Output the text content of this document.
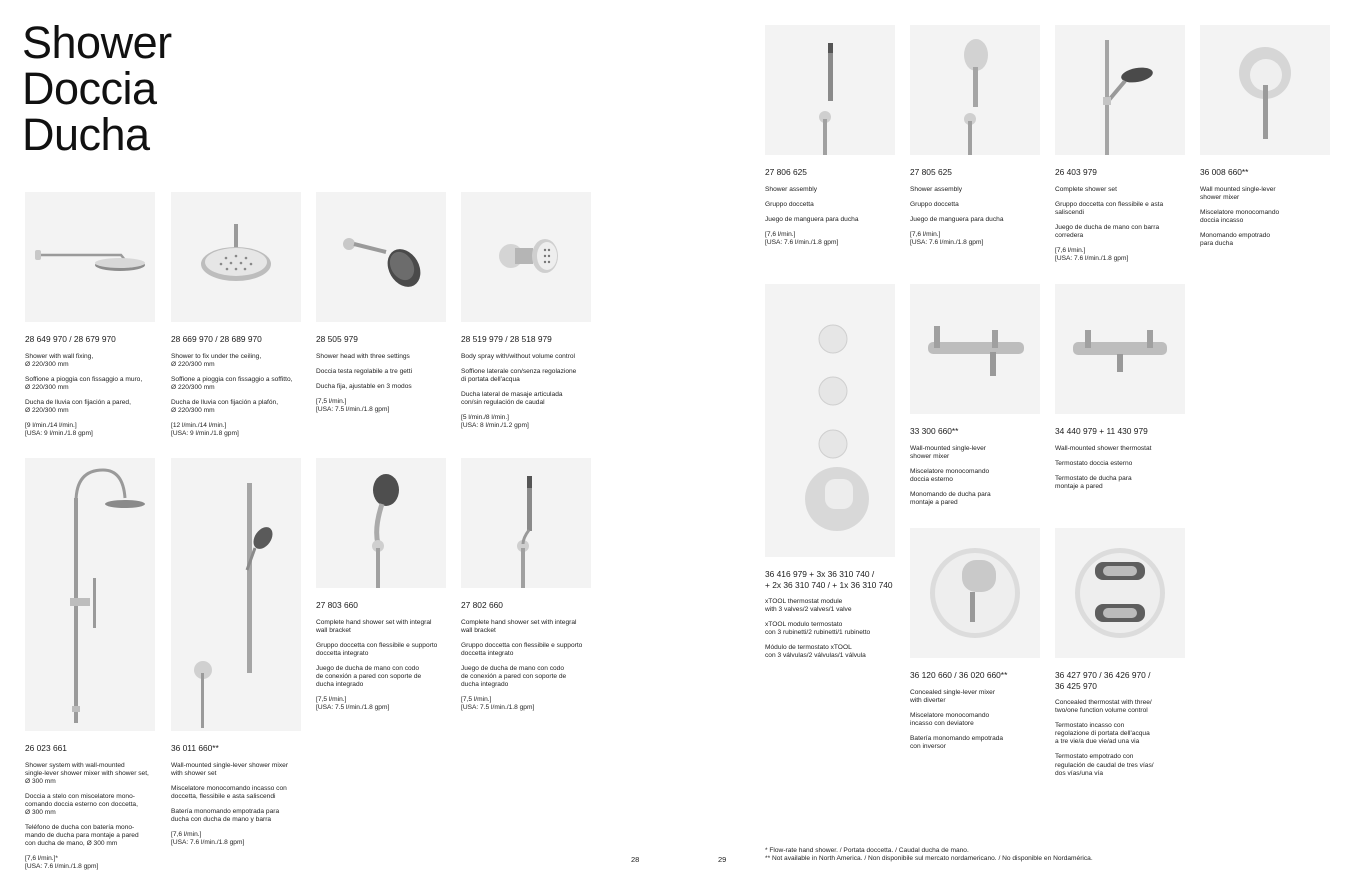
Shower
Doccia
Ducha
28 649 970 / 28 679 970
Shower with wall fixing,
Ø 220/300 mm
Soffione a pioggia con fissaggio a muro,
Ø 220/300 mm
Ducha de lluvia con fijación a pared,
Ø 220/300 mm
[9 l/min./14 l/min.]
[USA: 9 l/min./1.8 gpm]
28 669 970 / 28 689 970
Shower to fix under the ceiling,
Ø 220/300 mm
Soffione a pioggia con fissaggio a soffitto,
Ø 220/300 mm
Ducha de lluvia con fijación a plafón,
Ø 220/300 mm
[12 l/min./14 l/min.]
[USA: 9 l/min./1.8 gpm]
28 505 979
Shower head with three settings
Doccia testa regolabile a tre getti
Ducha fija, ajustable en 3 modos
[7,5 l/min.]
[USA: 7.5 l/min./1.8 gpm]
28 519 979 / 28 518 979
Body spray with/without volume control
Soffione laterale con/senza regolazione
di portata dell'acqua
Ducha lateral de masaje articulada
con/sin regulación de caudal
[5 l/min./8 l/min.]
[USA: 8 l/min./1.2 gpm]
26 023 661
Shower system with wall-mounted
single-lever shower mixer with shower set,
Ø 300 mm
Doccia a stelo con miscelatore mono-
comando doccia esterno con doccetta,
Ø 300 mm
Teléfono de ducha con batería mono-
mando de ducha para montaje a pared
con ducha de mano, Ø 300 mm
[7,6 l/min.]*
[USA: 7.6 l/min./1.8 gpm]
36 011 660**
Wall-mounted single-lever shower mixer
with shower set
Miscelatore monocomando incasso con
doccetta, flessibile e asta saliscendi
Batería monomando empotrada para
ducha con ducha de mano y barra
[7,6 l/min.]
[USA: 7.6 l/min./1.8 gpm]
27 803 660
Complete hand shower set with integral
wall bracket
Gruppo doccetta con flessibile e supporto
doccetta integrato
Juego de ducha de mano con codo
de conexión a pared con soporte de
ducha integrado
[7,5 l/min.]
[USA: 7.5 l/min./1.8 gpm]
27 802 660
Complete hand shower set with integral
wall bracket
Gruppo doccetta con flessibile e supporto
doccetta integrato
Juego de ducha de mano con codo
de conexión a pared con soporte de
ducha integrado
[7,5 l/min.]
[USA: 7.5 l/min./1.8 gpm]
27 806 625
Shower assembly
Gruppo doccetta
Juego de manguera para ducha
[7,6 l/min.]
[USA: 7.6 l/min./1.8 gpm]
27 805 625
Shower assembly
Gruppo doccetta
Juego de manguera para ducha
[7,6 l/min.]
[USA: 7.6 l/min./1.8 gpm]
26 403 979
Complete shower set
Gruppo doccetta con flessibile e asta
saliscendi
Juego de ducha de mano con barra
corredera
[7,6 l/min.]
[USA: 7.6 l/min./1.8 gpm]
36 008 660**
Wall mounted single-lever
shower mixer
Miscelatore monocomando
doccia incasso
Monomando empotrado
para ducha
36 416 979 + 3x 36 310 740 /
+ 2x 36 310 740 / + 1x 36 310 740
xTOOL thermostat module
with 3 valves/2 valves/1 valve
xTOOL modulo termostato
con 3 rubinetti/2 rubinetti/1 rubinetto
Módulo de termostato xTOOL
con 3 válvulas/2 válvulas/1 válvula
33 300 660**
Wall-mounted single-lever
shower mixer
Miscelatore monocomando
doccia esterno
Monomando de ducha para
montaje a pared
34 440 979 + 11 430 979
Wall-mounted shower thermostat
Termostato doccia esterno
Termostato de ducha para
montaje a pared
36 120 660 / 36 020 660**
Concealed single-lever mixer
with diverter
Miscelatore monocomando
incasso con deviatore
Batería monomando empotrada
con inversor
36 427 970 / 36 426 970 /
36 425 970
Concealed thermostat with three/
two/one function volume control
Termostato incasso con
regolazione di portata dell'acqua
a tre vie/a due vie/ad una via
Termostato empotrado con
regulación de caudal de tres vías/
dos vías/una vía
* Flow-rate hand shower. / Portata doccetta. / Caudal ducha de mano.
** Not available in North America. / Non disponibile sul mercato nordamericano. / No disponible en Nordamérica.
28	29
